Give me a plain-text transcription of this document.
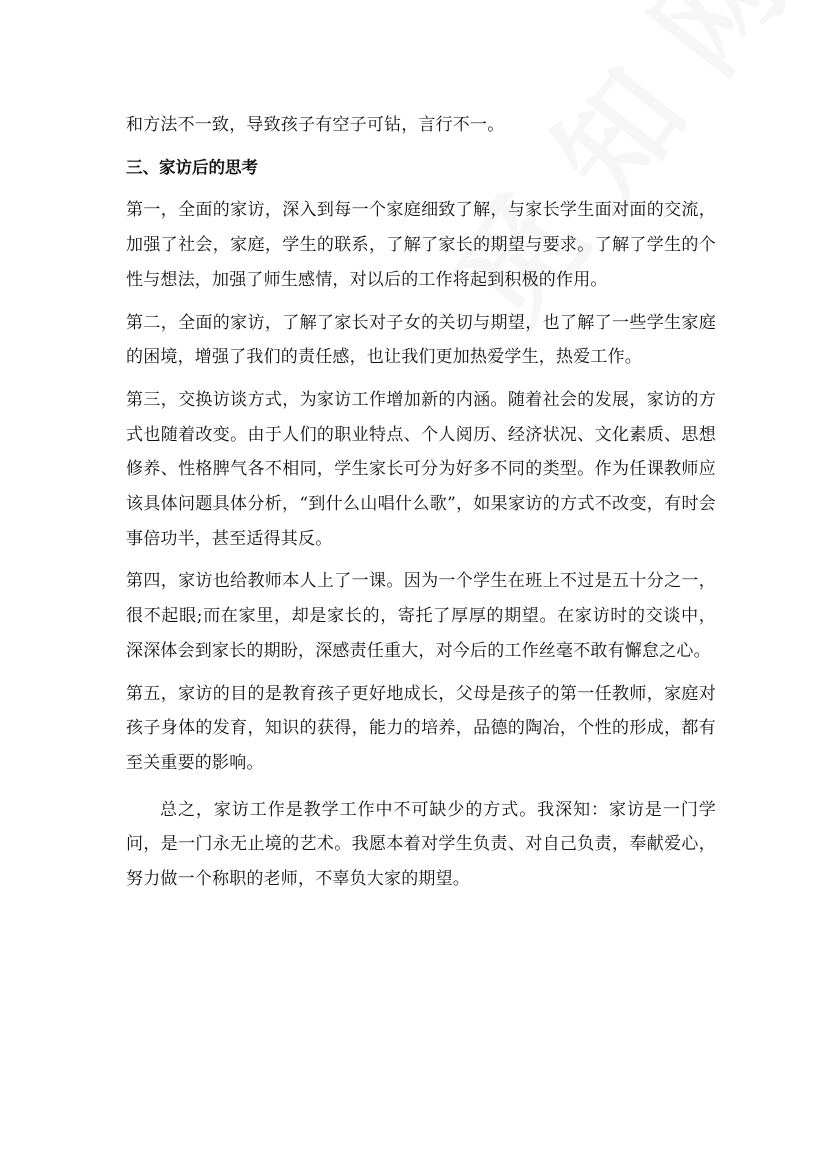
和方法不一致，导致孩子有空子可钻，言行不一。

三、家访后的思考

第一，全面的家访，深入到每一个家庭细致了解，与家长学生面对面的交流，加强了社会，家庭，学生的联系，了解了家长的期望与要求。了解了学生的个性与想法，加强了师生感情，对以后的工作将起到积极的作用。

第二，全面的家访，了解了家长对子女的关切与期望，也了解了一些学生家庭的困境，增强了我们的责任感，也让我们更加热爱学生，热爱工作。

第三，交换访谈方式，为家访工作增加新的内涵。随着社会的发展，家访的方式也随着改变。由于人们的职业特点、个人阅历、经济状况、文化素质、思想修养、性格脾气各不相同，学生家长可分为好多不同的类型。作为任课教师应该具体问题具体分析，“到什么山唱什么歌”，如果家访的方式不改变，有时会事倍功半，甚至适得其反。

第四，家访也给教师本人上了一课。因为一个学生在班上不过是五十分之一，很不起眼;而在家里，却是家长的，寄托了厚厚的期望。在家访时的交谈中，深深体会到家长的期盼，深感责任重大，对今后的工作丝毫不敢有懈怠之心。

第五，家访的目的是教育孩子更好地成长，父母是孩子的第一任教师，家庭对孩子身体的发育，知识的获得，能力的培养，品德的陶冶，个性的形成，都有至关重要的影响。

总之，家访工作是教学工作中不可缺少的方式。我深知：家访是一门学问，是一门永无止境的艺术。我愿本着对学生负责、对自己负责，奉献爱心，努力做一个称职的老师，不辜负大家的期望。
